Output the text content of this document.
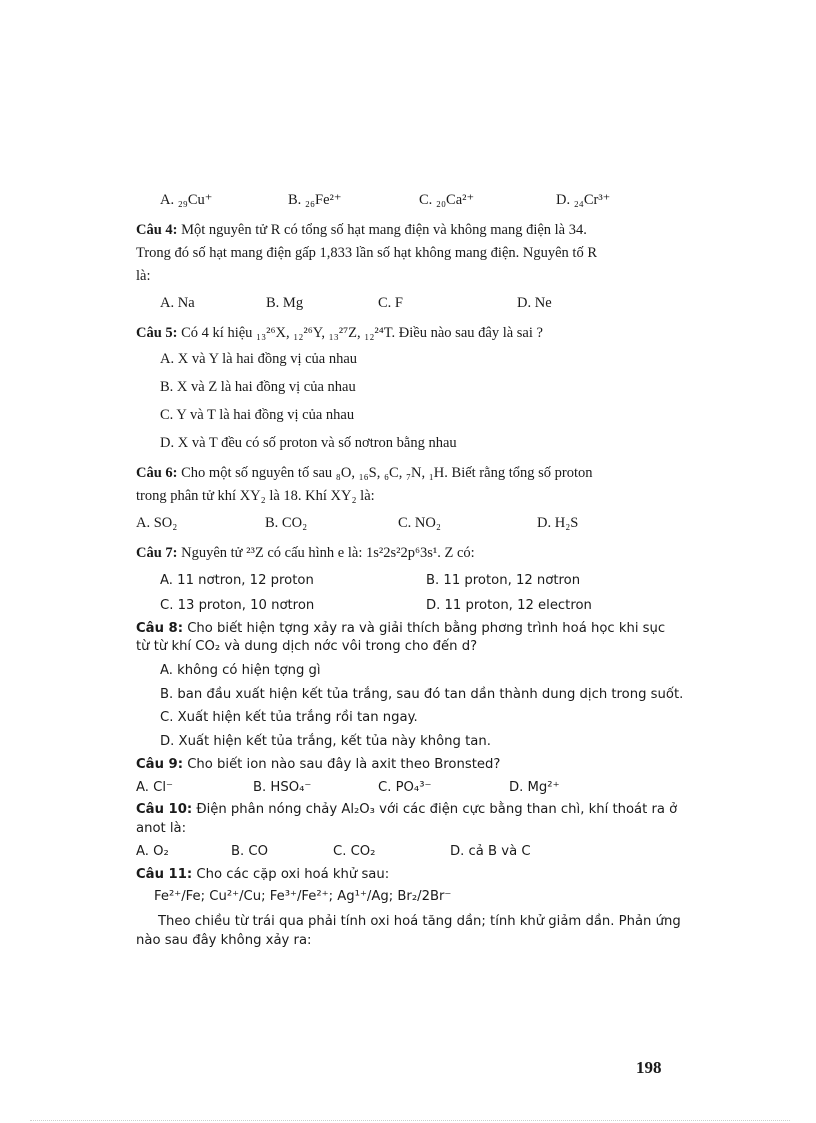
A. ₂₉Cu⁺	B. ₂₆Fe²⁺	C. ₂₀Ca²⁺	D. ₂₄Cr³⁺
Câu 4: Một nguyên tử R có tổng số hạt mang điện và không mang điện là 34.
Trong đó số hạt mang điện gấp 1,833 lần số hạt không mang điện. Nguyên tố R
là:
A. Na	B. Mg	C. F	D. Ne
Câu 5: Có 4 kí hiệu ₁₃²⁶X, ₁₂²⁶Y, ₁₃²⁷Z, ₁₂²⁴T. Điều nào sau đây là sai ?
A. X và Y là hai đồng vị của nhau
B. X và Z là hai đồng vị của nhau
C. Y và T là hai đồng vị của nhau
D. X và T đều có số proton và số nơtron bằng nhau
Câu 6: Cho một số nguyên tố sau ₈O, ₁₆S, ₆C, ₇N, ₁H. Biết rằng tổng số proton
trong phân tử khí XY₂ là 18. Khí XY₂ là:
A. SO₂	B. CO₂	C. NO₂	D. H₂S
Câu 7: Nguyên tử ²³Z có cấu hình e là: 1s²2s²2p⁶3s¹. Z có:
A. 11 nơtron, 12 proton	B. 11 proton, 12 nơtron
C. 13 proton, 10 nơtron	D. 11 proton, 12 electron
Câu 8: Cho biết hiện tợng xảy ra và giải thích bằng phơng trình hoá học khi sục
từ từ khí CO₂ và dung dịch nớc vôi trong cho đến d?
A. không có hiện tợng gì
B. ban đầu xuất hiện kết tủa trắng, sau đó tan dần thành dung dịch trong suốt.
C. Xuất hiện kết tủa trắng rồi tan ngay.
D. Xuất hiện kết tủa trắng, kết tủa này không tan.
Câu 9: Cho biết ion nào sau đây là axit theo Bronsted?
A. Cl⁻	B. HSO₄⁻	C. PO₄³⁻	D. Mg²⁺
Câu 10: Điện phân nóng chảy Al₂O₃ với các điện cực bằng than chì, khí thoát ra ở
anot là:
A. O₂	B. CO	C. CO₂	D. cả B và C
Câu 11: Cho các cặp oxi hoá khử sau:
Fe²⁺/Fe; Cu²⁺/Cu; Fe³⁺/Fe²⁺; Ag¹⁺/Ag; Br₂/2Br⁻
Theo chiều từ trái qua phải tính oxi hoá tăng dần; tính khử giảm dần. Phản ứng
nào sau đây không xảy ra:
198
